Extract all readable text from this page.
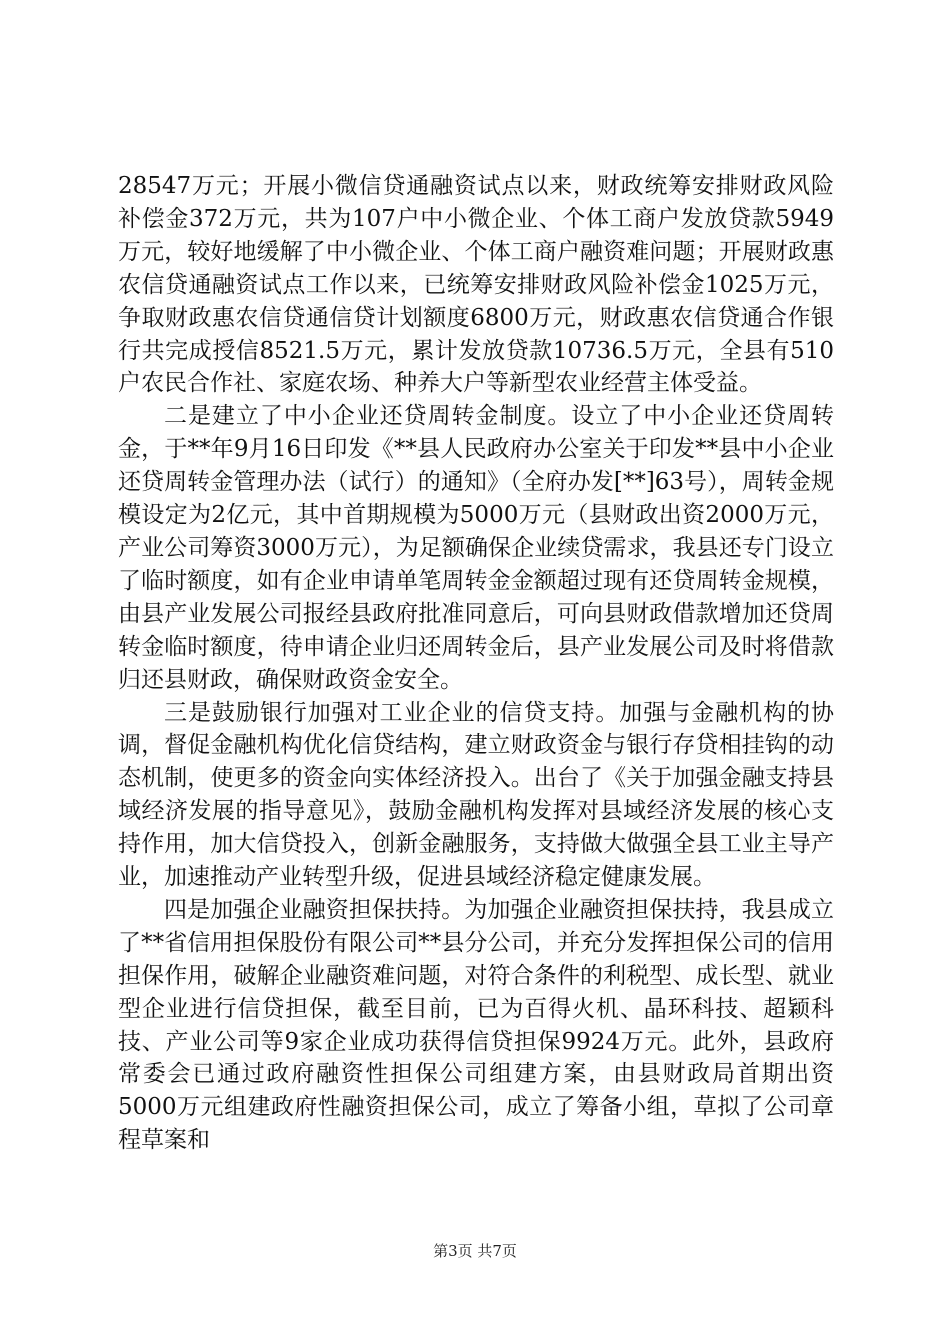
28547万元；开展小微信贷通融资试点以来，财政统筹安排财政风险补偿金372万元，共为107户中小微企业、个体工商户发放贷款5949万元，较好地缓解了中小微企业、个体工商户融资难问题；开展财政惠农信贷通融资试点工作以来，已统筹安排财政风险补偿金1025万元，争取财政惠农信贷通信贷计划额度6800万元，财政惠农信贷通合作银行共完成授信8521.5万元，累计发放贷款10736.5万元，全县有510户农民合作社、家庭农场、种养大户等新型农业经营主体受益。

二是建立了中小企业还贷周转金制度。设立了中小企业还贷周转金，于**年9月16日印发《**县人民政府办公室关于印发**县中小企业还贷周转金管理办法（试行）的通知》（全府办发[**]63号），周转金规模设定为2亿元，其中首期规模为5000万元（县财政出资2000万元，产业公司筹资3000万元），为足额确保企业续贷需求，我县还专门设立了临时额度，如有企业申请单笔周转金金额超过现有还贷周转金规模，由县产业发展公司报经县政府批准同意后，可向县财政借款增加还贷周转金临时额度，待申请企业归还周转金后，县产业发展公司及时将借款归还县财政，确保财政资金安全。

三是鼓励银行加强对工业企业的信贷支持。加强与金融机构的协调，督促金融机构优化信贷结构，建立财政资金与银行存贷相挂钩的动态机制，使更多的资金向实体经济投入。出台了《关于加强金融支持县域经济发展的指导意见》，鼓励金融机构发挥对县域经济发展的核心支持作用，加大信贷投入，创新金融服务，支持做大做强全县工业主导产业，加速推动产业转型升级，促进县域经济稳定健康发展。

四是加强企业融资担保扶持。为加强企业融资担保扶持，我县成立了**省信用担保股份有限公司**县分公司，并充分发挥担保公司的信用担保作用，破解企业融资难问题，对符合条件的利税型、成长型、就业型企业进行信贷担保，截至目前，已为百得火机、晶环科技、超颖科技、产业公司等9家企业成功获得信贷担保9924万元。此外，县政府常委会已通过政府融资性担保公司组建方案，由县财政局首期出资5000万元组建政府性融资担保公司，成立了筹备小组，草拟了公司章程草案和

第3页 共7页
